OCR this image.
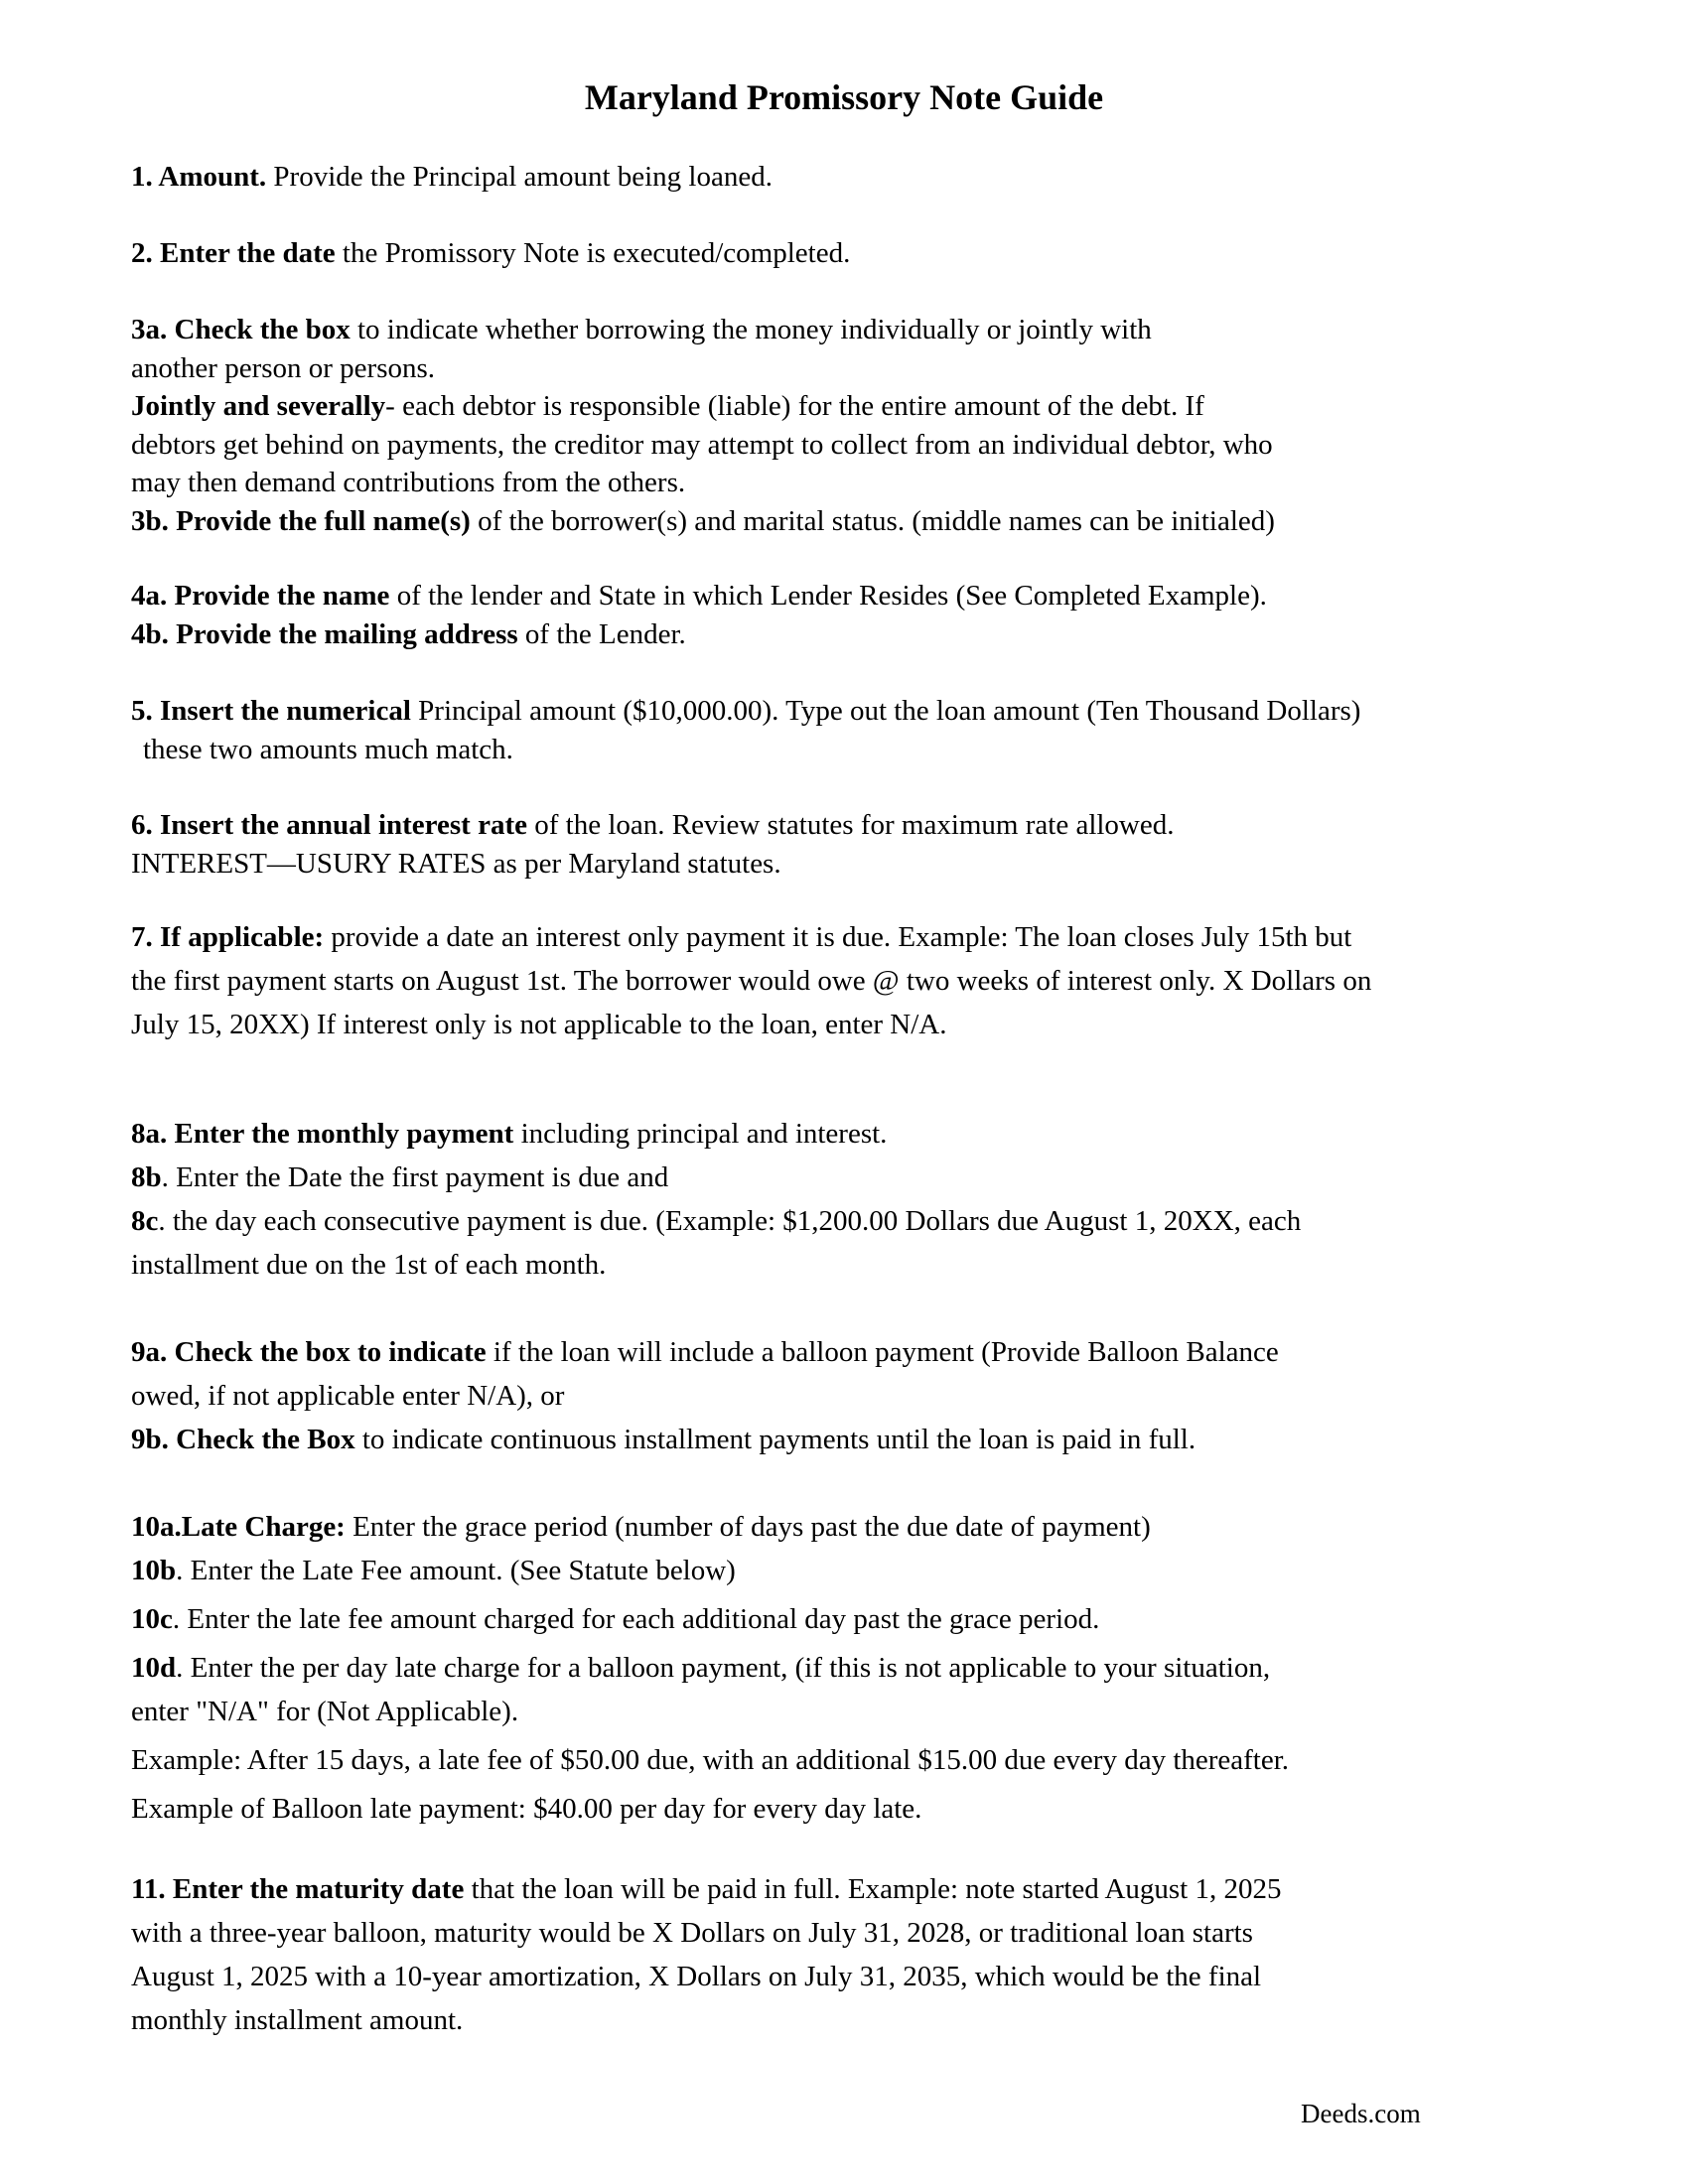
Maryland Promissory Note Guide

1. Amount. Provide the Principal amount being loaned.

2. Enter the date the Promissory Note is executed/completed.

3a. Check the box to indicate whether borrowing the money individually or jointly with

another person or persons.

Jointly and severally- each debtor is responsible (liable) for the entire amount of the debt. If

debtors get behind on payments, the creditor may attempt to collect from an individual debtor, who

may then demand contributions from the others.

3b. Provide the full name(s) of the borrower(s) and marital status. (middle names can be initialed)

4a. Provide the name of the lender and State in which Lender Resides (See Completed Example).

4b. Provide the mailing address of the Lender.

5. Insert the numerical Principal amount ($10,000.00). Type out the loan amount (Ten Thousand Dollars)

these two amounts much match.

6. Insert the annual interest rate of the loan. Review statutes for maximum rate allowed.

INTEREST—USURY RATES as per Maryland statutes.

7. If applicable: provide a date an interest only payment it is due. Example: The loan closes July 15th but

the first payment starts on August 1st. The borrower would owe @ two weeks of interest only. X Dollars on

July 15, 20XX) If interest only is not applicable to the loan, enter N/A.

8a. Enter the monthly payment including principal and interest.

8b. Enter the Date the first payment is due and

8c. the day each consecutive payment is due. (Example: $1,200.00 Dollars due August 1, 20XX, each

installment due on the 1st of each month.

9a. Check the box to indicate if the loan will include a balloon payment (Provide Balloon Balance

owed, if not applicable enter N/A), or

9b. Check the Box to indicate continuous installment payments until the loan is paid in full.

10a.Late Charge: Enter the grace period (number of days past the due date of payment)

10b. Enter the Late Fee amount. (See Statute below)

10c. Enter the late fee amount charged for each additional day past the grace period.

10d. Enter the per day late charge for a balloon payment, (if this is not applicable to your situation,

enter "N/A" for (Not Applicable).

Example: After 15 days, a late fee of $50.00 due, with an additional $15.00 due every day thereafter.

Example of Balloon late payment: $40.00 per day for every day late.

11. Enter the maturity date that the loan will be paid in full. Example: note started August 1, 2025

with a three-year balloon, maturity would be X Dollars on July 31, 2028, or traditional loan starts

August 1, 2025 with a 10-year amortization, X Dollars on July 31, 2035, which would be the final

monthly installment amount.

Deeds.com
